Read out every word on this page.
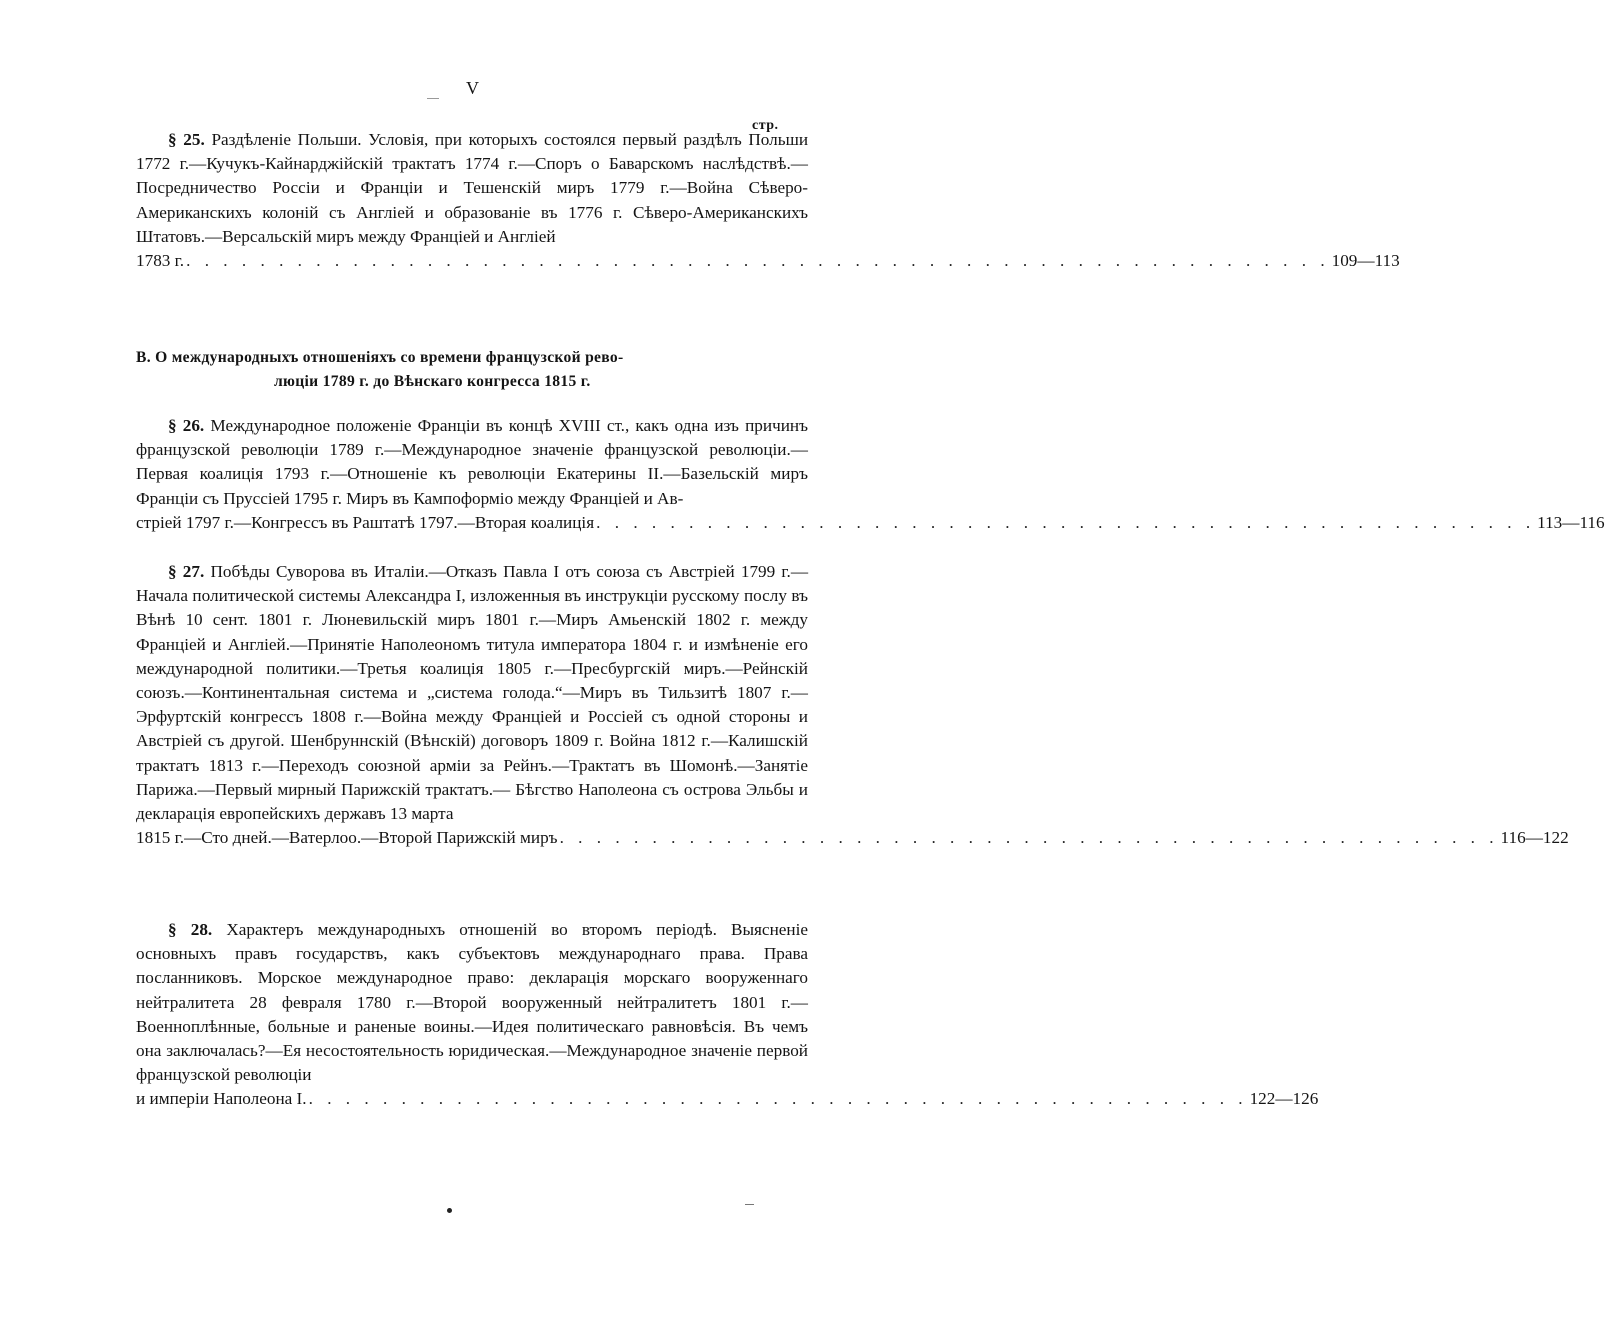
V
стр.

§ 25. Раздѣленіе Польши. Условія, при которыхъ состоялся первый раздѣлъ Польши 1772 г.—Кучукъ-Кайнарджійскій трактатъ 1774 г.—Споръ о Баварскомъ наслѣдствѣ.—Посредничество Россіи и Франціи и Тешенскій миръ 1779 г.—Война Сѣверо-Американскихъ колоній съ Англіей и образованіе въ 1776 г. Сѣверо-Американскихъ Штатовъ.—Версальскій миръ между Франціей и Англіей

1783 г. . . . . . . . . . . . . . . . . . . . . . . . . . . . . . . . . . . . . . . . . . . . . . . . . . . . . . . . . . . . . . . 109—113
В. О международныхъ отношеніяхъ со времени французской рево-
люціи 1789 г. до Вѣнскаго конгресса 1815 г.

§ 26. Международное положеніе Франціи въ концѣ XVIII ст., какъ одна изъ причинъ французской революціи 1789 г.—Международное значеніе французской революціи.—Первая коалиція 1793 г.—Отношеніе къ революціи Екатерины II.—Базельскій миръ Франціи съ Пруссіей 1795 г. Миръ въ Кампоформіо между Франціей и Ав-

стріей 1797 г.—Конгрессъ въ Раштатѣ 1797.—Вторая коалиція . . . . . . . . . . . . . . . . . . . . . . . . . . . . . . . . . . . . . . . . . . . . . . . . . . . 113—116

§ 27. Побѣды Суворова въ Италіи.—Отказъ Павла I отъ союза съ Австріей 1799 г.—Начала политической системы Александра I, изложенныя въ инструкціи русскому послу въ Вѣнѣ 10 сент. 1801 г. Люневильскій миръ 1801 г.—Миръ Амьенскій 1802 г. между Франціей и Англіей.—Принятіе Наполеономъ титула императора 1804 г. и измѣненіе его международной политики.—Третья коалиція 1805 г.—Пресбургскій миръ.—Рейнскій союзъ.—Континентальная система и „система голода.“—Миръ въ Тильзитѣ 1807 г.—Эрфуртскій конгрессъ 1808 г.—Война между Франціей и Россіей съ одной стороны и Австріей съ другой. Шенбруннскій (Вѣнскій) договоръ 1809 г. Война 1812 г.—Калишскій трактатъ 1813 г.—Переходъ союзной арміи за Рейнъ.—Трактатъ въ Шомонѣ.—Занятіе Парижа.—Первый мирный Парижскій трактатъ.— Бѣгство Наполеона съ острова Эльбы и декларація европейскихъ державъ 13 марта

1815 г.—Сто дней.—Ватерлоо.—Второй Парижскій миръ . . . . . . . . . . . . . . . . . . . . . . . . . . . . . . . . . . . . . . . . . . . . . . . . . . . 116—122

§ 28. Характеръ международныхъ отношеній во второмъ періодѣ. Выясненіе основныхъ правъ государствъ, какъ субъектовъ международнаго права. Права посланниковъ. Морское международное право: декларація морскаго вооруженнаго нейтралитета 28 февраля 1780 г.—Второй вооруженный нейтралитетъ 1801 г.—Военноплѣнные, больные и раненые воины.—Идея политическаго равновѣсія. Въ чемъ она заключалась?—Ея несостоятельность юридическая.—Международное значеніе первой французской революціи

и имперіи Наполеона I. . . . . . . . . . . . . . . . . . . . . . . . . . . . . . . . . . . . . . . . . . . . . . . . . . . . 122—126
